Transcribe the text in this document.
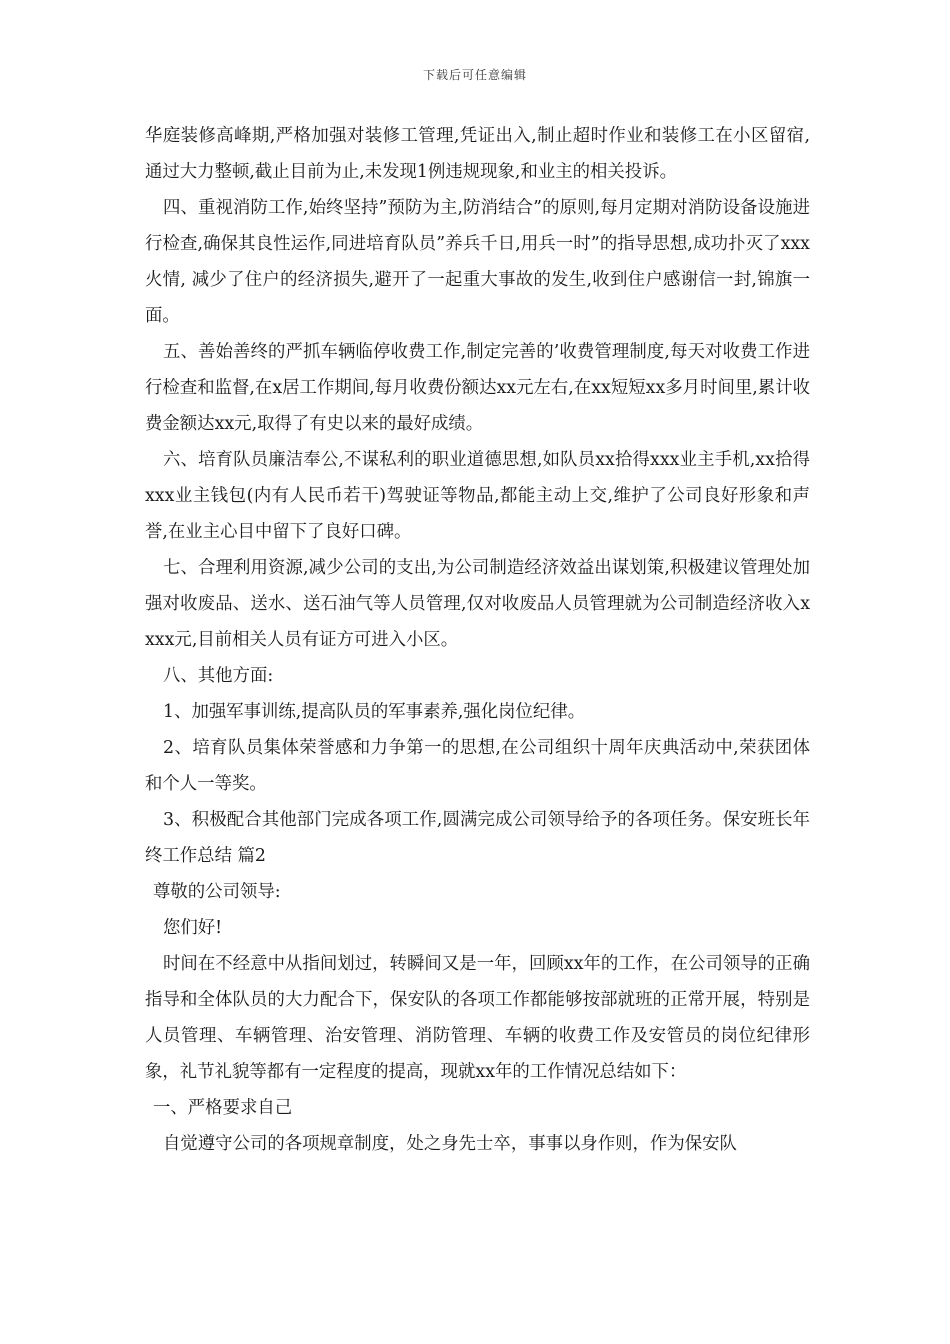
下载后可任意编辑

华庭装修高峰期,严格加强对装修工管理,凭证出入,制止超时作业和装修工在小区留宿,通过大力整顿,截止目前为止,未发现1例违规现象,和业主的相关投诉。

四、重视消防工作,始终坚持”预防为主,防消结合”的原则,每月定期对消防设备设施进行检查,确保其良性运作,同进培育队员”养兵千日,用兵一时”的指导思想,成功扑灭了xxx火情, 减少了住户的经济损失,避开了一起重大事故的发生,收到住户感谢信一封,锦旗一面。

五、善始善终的严抓车辆临停收费工作,制定完善的’收费管理制度,每天对收费工作进行检查和监督,在x居工作期间,每月收费份额达xx元左右,在xx短短xx多月时间里,累计收费金额达xx元,取得了有史以来的最好成绩。

六、培育队员廉洁奉公,不谋私利的职业道德思想,如队员xx拾得xxx业主手机,xx拾得xxx业主钱包(内有人民币若干)驾驶证等物品,都能主动上交,维护了公司良好形象和声誉,在业主心目中留下了良好口碑。

七、合理利用资源,减少公司的支出,为公司制造经济效益出谋划策,积极建议管理处加强对收废品、送水、送石油气等人员管理,仅对收废品人员管理就为公司制造经济收入xxxx元,目前相关人员有证方可进入小区。

八、其他方面:

1、加强军事训练,提高队员的军事素养,强化岗位纪律。

2、培育队员集体荣誉感和力争第一的思想,在公司组织十周年庆典活动中,荣获团体和个人一等奖。

3、积极配合其他部门完成各项工作,圆满完成公司领导给予的各项任务。保安班长年终工作总结 篇2

尊敬的公司领导:

您们好!

时间在不经意中从指间划过，转瞬间又是一年，回顾xx年的工作，在公司领导的正确指导和全体队员的大力配合下，保安队的各项工作都能够按部就班的正常开展，特别是人员管理、车辆管理、治安管理、消防管理、车辆的收费工作及安管员的岗位纪律形象，礼节礼貌等都有一定程度的提高，现就xx年的工作情况总结如下：

一、严格要求自己

自觉遵守公司的各项规章制度，处之身先士卒，事事以身作则，作为保安队
